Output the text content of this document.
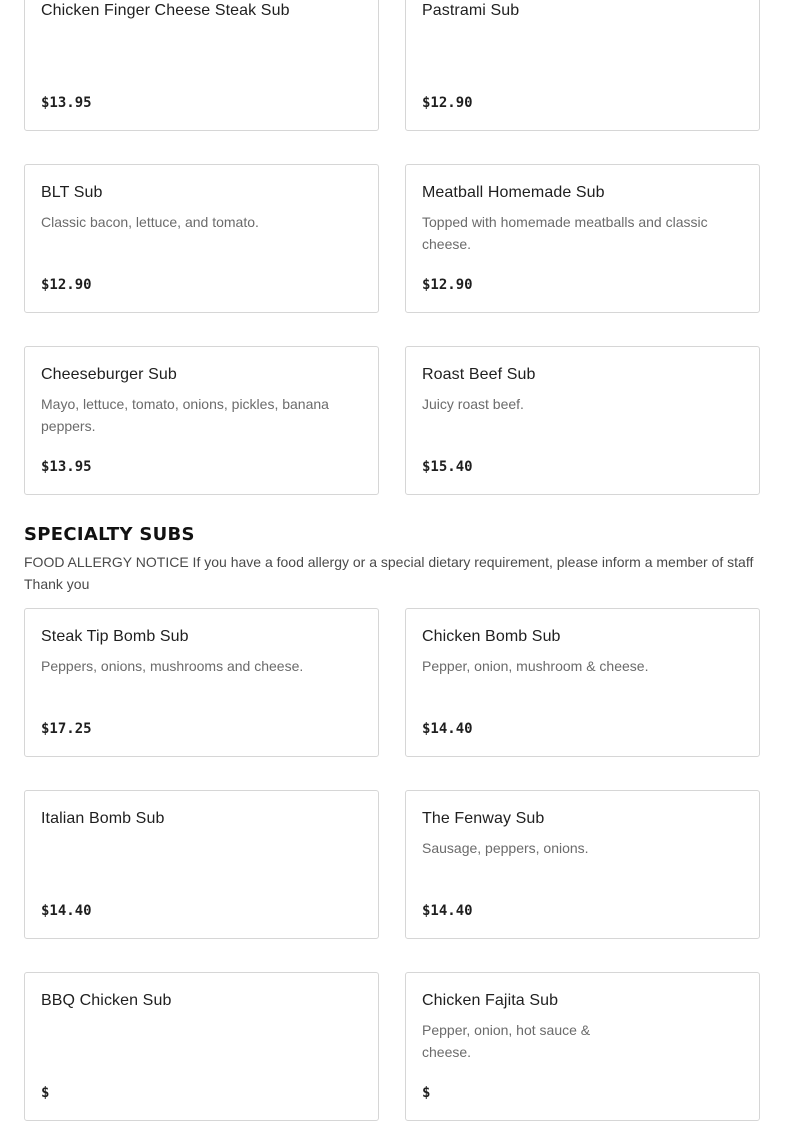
Chicken Finger Cheese Steak Sub
$13.95
Pastrami Sub
$12.90
BLT Sub
Classic bacon, lettuce, and tomato.
$12.90
Meatball Homemade Sub
Topped with homemade meatballs and classic cheese.
$12.90
Cheeseburger Sub
Mayo, lettuce, tomato, onions, pickles, banana peppers.
$13.95
Roast Beef Sub
Juicy roast beef.
$15.40
SPECIALTY SUBS
FOOD ALLERGY NOTICE If you have a food allergy or a special dietary requirement, please inform a member of staff Thank you
Steak Tip Bomb Sub
Peppers, onions, mushrooms and cheese.
$17.25
Chicken Bomb Sub
Pepper, onion, mushroom & cheese.
$14.40
Italian Bomb Sub
$14.40
The Fenway Sub
Sausage, peppers, onions.
$14.40
BBQ Chicken Sub
$
Chicken Fajita Sub
Pepper, onion, hot sauce & cheese.
$
